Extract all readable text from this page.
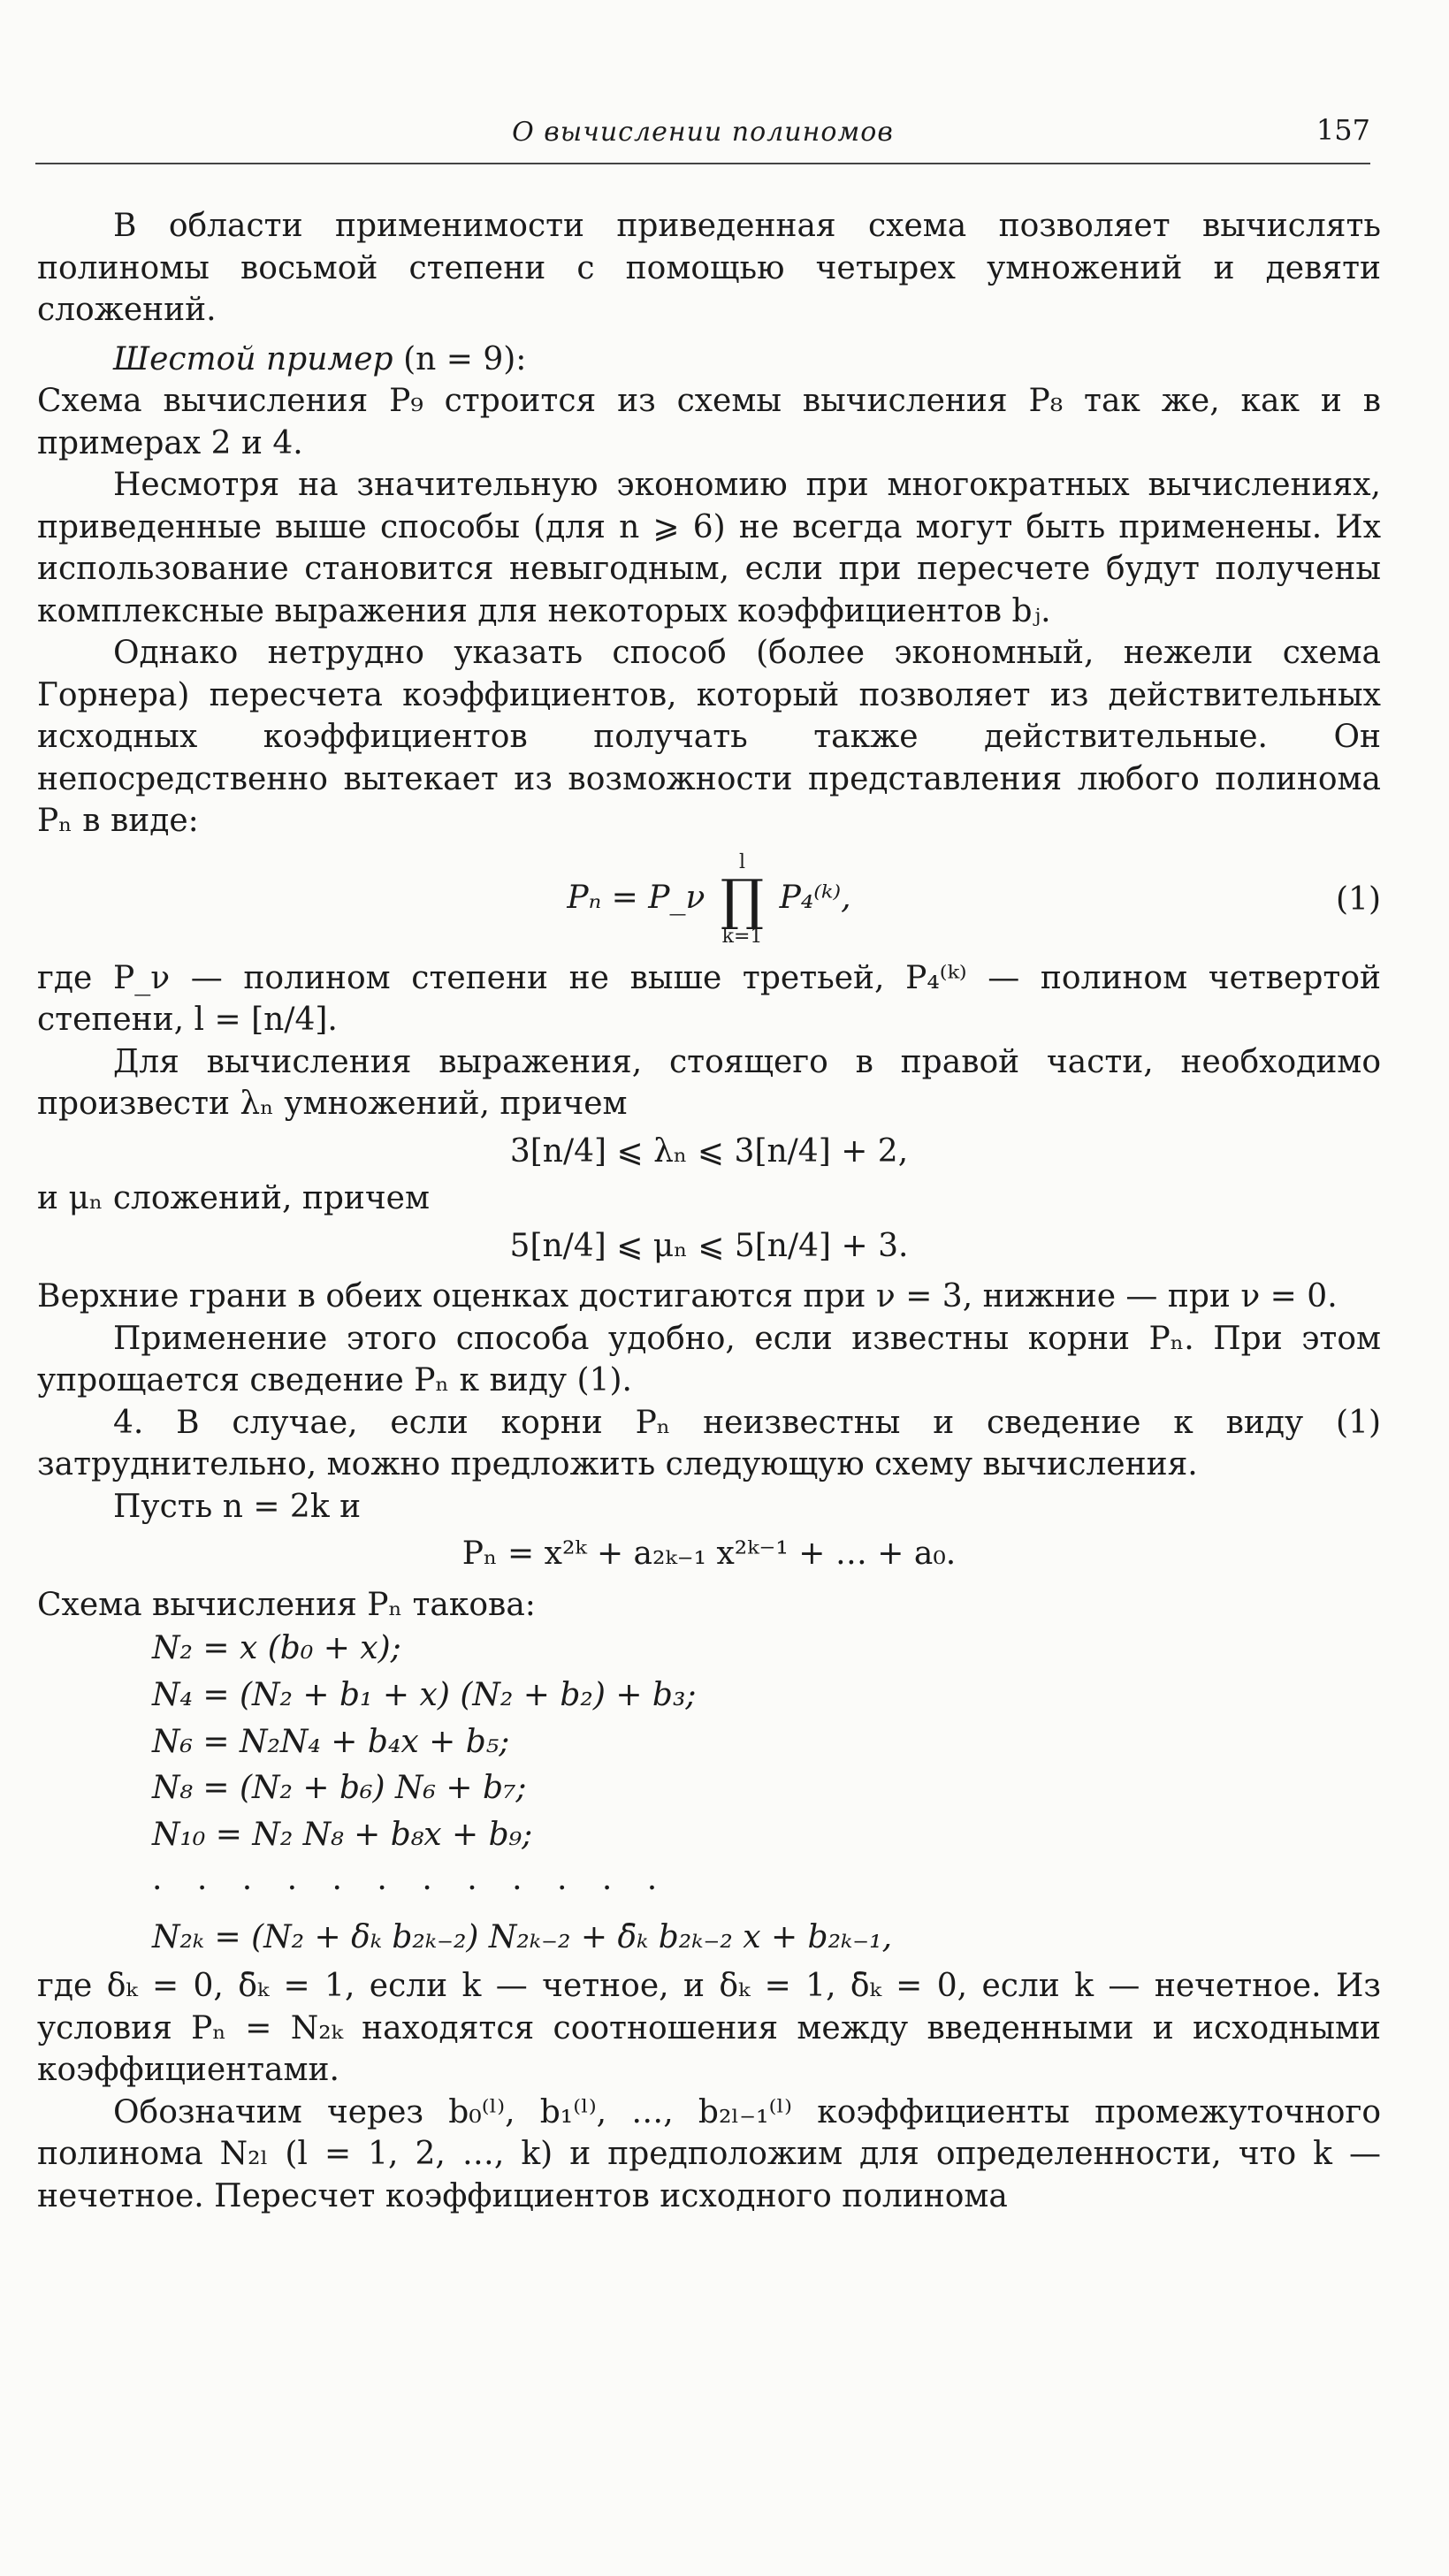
О вычислении полиномов	157

В области применимости приведенная схема позволяет вычислять полиномы восьмой степени с помощью четырех умножений и девяти сложений.

Шестой пример (n = 9):

Схема вычисления P₉ строится из схемы вычисления P₈ так же, как и в примерах 2 и 4.

Несмотря на значительную экономию при многократных вычислениях, приведенные выше способы (для n ⩾ 6) не всегда могут быть применены. Их использование становится невыгодным, если при пересчете будут получены комплексные выражения для некоторых коэффициентов bⱼ.

Однако нетрудно указать способ (более экономный, нежели схема Горнера) пересчета коэффициентов, который позволяет из действительных исходных коэффициентов получать также действительные. Он непосредственно вытекает из возможности представления любого полинома Pₙ в виде:

Pₙ = P_ν
l
∏
k=1
P₄⁽ᵏ⁾,	(1)

где P_ν — полином степени не выше третьей, P₄⁽ᵏ⁾ — полином четвертой степени, l = [n/4].

Для вычисления выражения, стоящего в правой части, необходимо произвести λₙ умножений, причем

3[n/4] ⩽ λₙ ⩽ 3[n/4] + 2,

и μₙ сложений, причем

5[n/4] ⩽ μₙ ⩽ 5[n/4] + 3.

Верхние грани в обеих оценках достигаются при ν = 3, нижние — при ν = 0.

Применение этого способа удобно, если известны корни Pₙ. При этом упрощается сведение Pₙ к виду (1).

4. В случае, если корни Pₙ неизвестны и сведение к виду (1) затруднительно, можно предложить следующую схему вычисления.

Пусть n = 2k и

Pₙ = x²ᵏ + a₂ₖ₋₁ x²ᵏ⁻¹ + … + a₀.

Схема вычисления Pₙ такова:

N₂ = x (b₀ + x);
N₄ = (N₂ + b₁ + x) (N₂ + b₂) + b₃;
N₆ = N₂N₄ + b₄x + b₅;
N₈ = (N₂ + b₆) N₆ + b₇;
N₁₀ = N₂ N₈ + b₈x + b₉;
. . . . . . . . . . . .
N₂ₖ = (N₂ + δₖ b₂ₖ₋₂) N₂ₖ₋₂ + δ̄ₖ b₂ₖ₋₂ x + b₂ₖ₋₁,

где δₖ = 0, δ̄ₖ = 1, если k — четное, и δₖ = 1, δ̄ₖ = 0, если k — нечетное. Из условия Pₙ = N₂ₖ находятся соотношения между введенными и исходными коэффициентами.

Обозначим через b₀⁽ˡ⁾, b₁⁽ˡ⁾, …, b₂ₗ₋₁⁽ˡ⁾ коэффициенты промежуточного полинома N₂ₗ (l = 1, 2, …, k) и предположим для определенности, что k — нечетное. Пересчет коэффициентов исходного полинома
